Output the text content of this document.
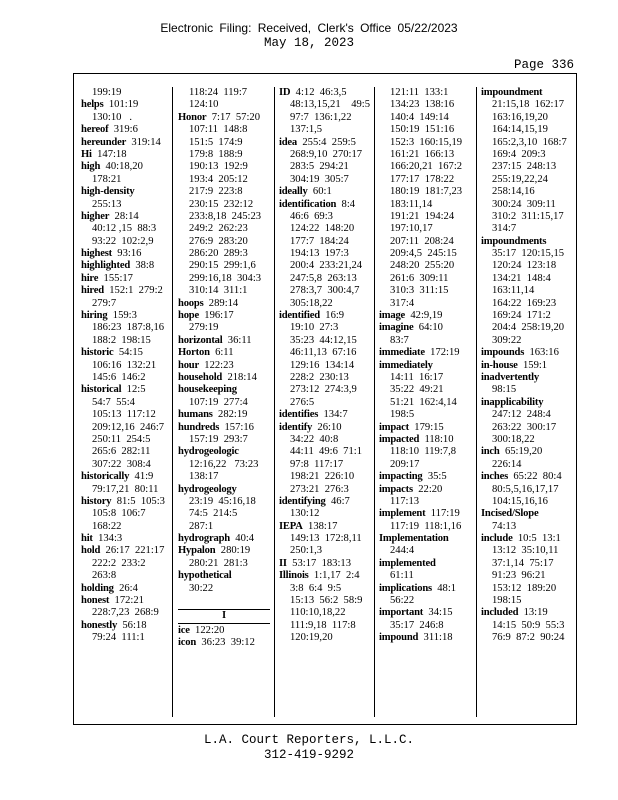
Electronic Filing: Received, Clerk's Office 05/22/2023
May 18, 2023
Page 336
199:19
helps 101:19
130:10   .
hereof 319:6
hereunder 319:14
Hi 147:18
high 40:18,20
178:21
high-density
255:13
higher 28:14
40:12 ,15  88:3
93:22  102:2,9
highest 93:16
highlighted 38:8
hire 155:17
hired 152:1  279:2
279:7
hiring 159:3
186:23  187:8,16
188:2  198:15
historic 54:15
106:16  132:21
145:6  146:2
historical 12:5
54:7  55:4
105:13  117:12
209:12,16  246:7
250:11  254:5
265:6  282:11
307:22  308:4
historically 41:9
79:17,21  80:11
history 81:5  105:3
105:8  106:7
168:22
hit 134:3
hold 26:17  221:17
222:2  233:2
263:8
holding 26:4
honest 172:21
228:7,23  268:9
honestly 56:18
79:24  111:1
118:24  119:7
124:10
Honor 7:17  57:20
107:11  148:8
151:5  174:9
179:8  188:9
190:13  192:9
193:4  205:12
217:9  223:8
230:15  232:12
233:8,18  245:23
249:2  262:23
276:9  283:20
286:20  289:3
290:15  299:1,6
299:16,18  304:3
310:14  311:1
hoops 289:14
hope 196:17
279:19
horizontal 36:11
Horton 6:11
hour 122:23
household 218:14
housekeeping
107:19  277:4
humans 282:19
hundreds 157:16
157:19  293:7
hydrogeologic
12:16,22   73:23
138:17
hydrogeology
23:19  45:16,18
74:5  214:5
287:1
hydrograph 40:4
Hypalon 280:19
280:21  281:3
hypothetical
30:22
I
ice 122:20
icon 36:23  39:12
ID 4:12  46:3,5
48:13,15,21    49:5
97:7  136:1,22
137:1,5
idea 255:4  259:5
268:9,10  270:17
283:5  294:21
304:19  305:7
ideally 60:1
identification 8:4
46:6  69:3
124:22  148:20
177:7  184:24
194:13  197:3
200:4  233:21,24
247:5,8  263:13
278:3,7  300:4,7
305:18,22
identified 16:9
19:10  27:3
35:23  44:12,15
46:11,13  67:16
129:16  134:14
228:2  230:13
273:12  274:3,9
276:5
identifies 134:7
identify 26:10
34:22  40:8
44:11  49:6  71:1
97:8  117:17
198:21  226:10
273:21  276:3
identifying 46:7
130:12
IEPA 138:17
149:13  172:8,11
250:1,3
II 53:17  183:13
Illinois 1:1,17  2:4
3:8  6:4  9:5
15:13  56:2  58:9
110:10,18,22
111:9,18  117:8
120:19,20
121:11  133:1
134:23  138:16
140:4  149:14
150:19  151:16
152:3  160:15,19
161:21  166:13
166:20,21  167:2
177:17  178:22
180:19  181:7,23
183:11,14
191:21  194:24
197:10,17
207:11  208:24
209:4,5  245:15
248:20  255:20
261:6  309:11
310:3  311:15
317:4
image 42:9,19
imagine 64:10
83:7
immediate 172:19
immediately
14:11  16:17
35:22  49:21
51:21  162:4,14
198:5
impact 179:15
impacted 118:10
118:10  119:7,8
209:17
impacting 35:5
impacts 22:20
117:13
implement 117:19
117:19  118:1,16
Implementation
244:4
implemented
61:11
implications 48:1
56:22
important 34:15
35:17  246:8
impound 311:18
impoundment
21:15,18  162:17
163:16,19,20
164:14,15,19
165:2,3,10  168:7
169:4  209:3
237:15  248:13
255:19,22,24
258:14,16
300:24  309:11
310:2  311:15,17
314:7
impoundments
35:17  120:15,15
120:24  123:18
134:21  148:4
163:11,14
164:22  169:23
169:24  171:2
204:4  258:19,20
309:22
impounds 163:16
in-house 159:1
inadvertently
98:15
inapplicability
247:12  248:4
263:22  300:17
300:18,22
inch 65:19,20
226:14
inches 65:22  80:4
80:5,5,16,17,17
104:15,16,16
Incised/Slope
74:13
include 10:5  13:1
13:12  35:10,11
37:1,14  75:17
91:23  96:21
153:12  189:20
198:15
included 13:19
14:15  50:9  55:3
76:9  87:2  90:24
L.A. Court Reporters, L.L.C.
312-419-9292
